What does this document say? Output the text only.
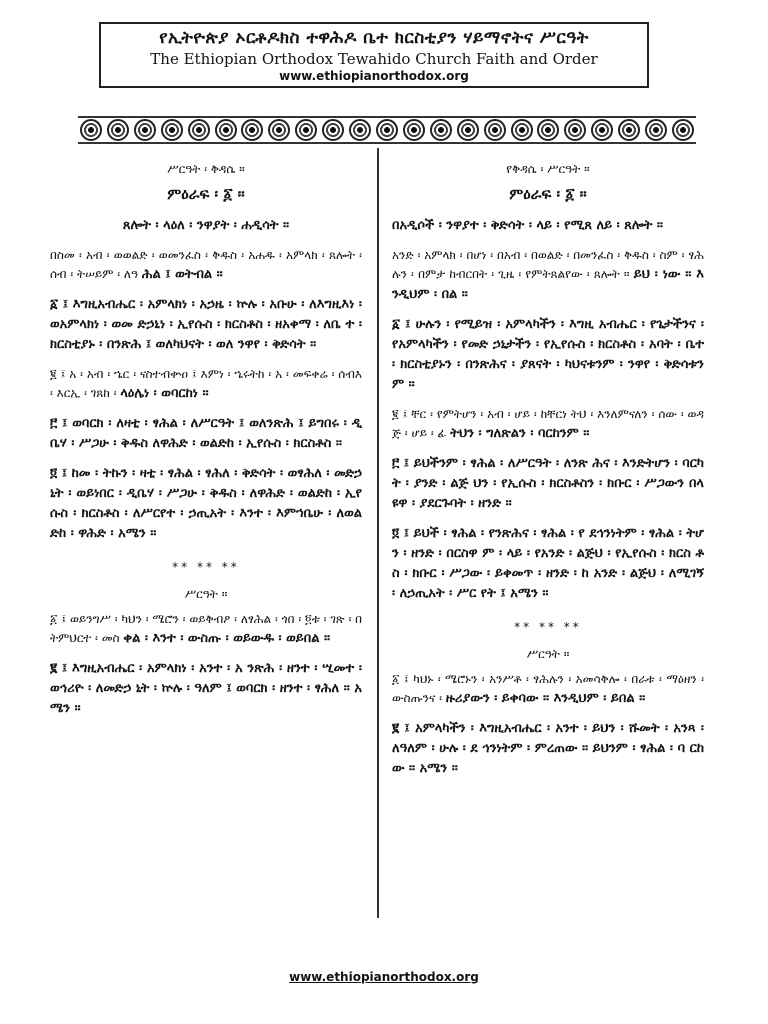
የኢትዮጵያ ኦርቶዶክስ ተዋሕዶ ቤተ ክርስቲያን ሃይማኖትና ሥርዓት
The Ethiopian Orthodox Tewahido Church Faith and Order
www.ethiopianorthodox.org

ሥርዓት ፡ ቅዳሴ ።

ምዕራፍ ፡ ፩ ።

ጸሎት ፡ ላዕለ ፡ ንዋያት ፡ ሐዲሳት ።

በስመ ፡ አብ ፡ ወወልድ ፡ ወመንፈስ ፡ ቅዱስ ፡ አሐዱ ፡ አምላክ ፡ ጸሎት ፡ ሰብ ፡ ትሠይም ፡ ለዓ ሕል ፤ ወትብል ።

፩ ፤ እግዚአብሔር ፡ አምላክነ ፡ አኃዜ ፡ ኵሉ ፡ አቡሁ ፡ ለእግዚእነ ፡ ወአምላክነ ፡ ወመ ድኃኒነ ፡ ኢየሱስ ፡ ክርስቶስ ፡ ዘአቀማ ፡ ለቤ ተ ፡ ክርስቲያኑ ፡ በንጽሕ ፤ ወለካህናት ፡ ወለ ንዋየ ፡ ቅድሳት ።

፪ ፤ አ ፡ አብ ፡ ኄር ፡ ናስተብቍዐ ፤ እምነ ፡ ኄሩትከ ፡ አ ፡ መፍቀሬ ፡ ሰብእ ፡ እርኢ ፡ ገጸከ ፡ ላዕሌነ ፡ ወባርከነ ።

፫ ፤ ወባርክ ፡ ለዛቲ ፡ ፃሕል ፡ ለሥርዓት ፤ ወለንጽሕ ፤ ይግበሩ ፡ ዲቤሃ ፡ ሥጋሁ ፡ ቅዱስ ለዋሕድ ፡ ወልድከ ፡ ኢየሱስ ፡ ክርስቶስ ።

፬ ፤ ከመ ፡ ትኩን ፡ ዛቲ ፡ ፃሕል ፡ ፃሕለ ፡ ቅድሳት ፡ ወፃሕለ ፡ መድኃኒት ፡ ወይነበር ፡ ዲቤሃ ፡ ሥጋሁ ፡ ቅዱስ ፡ ለዋሕድ ፡ ወልድከ ፡ ኢየሱስ ፡ ክርስቶስ ፡ ለሥርየተ ፡ ኃጢአት ፡ እንተ ፡ እምኀቤሁ ፡ ለወልድከ ፡ ዋሕድ ፡ አሜን ።

** ** **

ሥርዓት ።

፩ ፤ ወይንግሥ ፡ ካህን ፡ ሜሮን ፡ ወይቅብዖ ፡ ለፃሕል ፡ ጎበ ፡ ፬ቱ ፡ ገጽ ፡ በትምህርተ ፡ መስ ቀል ፡ እንተ ፡ ውስጡ ፡ ወይውዱ ፡ ወይበል ።

፪ ፤ እግዚአብሔር ፡ አምላክነ ፡ አንተ ፡ አ ንጽሕ ፡ ዘንተ ፡ ሢመተ ፡ ወኅሪዮ ፡ ለመድኃ ኒት ፡ ኵሉ ፡ ዓለም ፤ ወባርክ ፡ ዘንተ ፡ ፃሕለ ። አሜን ።

የቅዳሴ ፡ ሥርዓት ።

ምዕራፍ ፡ ፩ ።

በአዲሶች ፡ ንዋያተ ፡ ቅድሳት ፡ ላይ ፡ የሚጸ ለይ ፡ ጸሎት ።

አንድ ፡ አምላክ ፡ በሆነ ፡ በአብ ፡ በወልድ ፡ በመንፈስ ፡ ቅዱስ ፡ ስም ፡ ፃሕሉን ፡ በምታ ከብርበት ፡ ጊዜ ፡ የምትጸልየው ፡ ጸሎት ። ይህ ፡ ነው ። እንዲህም ፡ በል ።

፩ ፤ ሁሉን ፡ የሚይዝ ፡ አምላካችን ፡ እግዚ አብሔር ፡ የጌታችንና ፡ የአምላካችን ፡ የመድ ኃኒታችን ፡ የኢየሱስ ፡ ክርስቶስ ፡ አባት ፡ ቤተ ፡ ክርስቲያኑን ፡ በንጽሕና ፡ ያጸናት ፡ ካህናቱንም ፡ ንዋየ ፡ ቅድሳቱንም ።

፪ ፤ ቸር ፡ የምትሆን ፡ አብ ፡ ሆይ ፡ ከቸርነ ትህ ፡ እንለምናለን ፡ ሰው ፡ ወዳጅ ፡ ሆይ ፡ ፊ ትህን ፡ ግለጽልን ፡ ባርከንም ።

፫ ፤ ይህችንም ፡ ፃሕል ፡ ለሥርዓት ፡ ለንጽ ሕና ፡ እንድትሆን ፡ ባርካት ፡ ያንድ ፡ ልጅ ህን ፡ የኢሱስ ፡ ክርስቶስን ፡ ክቡር ፡ ሥጋውን በላዩዋ ፡ ያደርጉባት ፡ ዘንድ ።

፬ ፤ ይህች ፡ ፃሕል ፡ የንጽሕና ፡ ፃሕል ፡ የ ደኅንነትም ፡ ፃሕል ፡ ትሆን ፡ ዘንድ ፡ በርስዋ ም ፡ ላይ ፡ የአንድ ፡ ልጅህ ፡ የኢየሱስ ፡ ክርስ ቶስ ፡ ክቡር ፡ ሥጋው ፡ ይቀመጥ ፡ ዘንድ ፡ ከ አንድ ፡ ልጅህ ፡ ለሚገኝ ፡ ለኃጢአት ፡ ሥር የት ፤ አሜን ።

** ** **

ሥርዓት ።

፩ ፤ ካህኑ ፡ ሜሮኑን ፡ አንሥቶ ፡ ፃሕሉን ፡ አመሳቅሎ ፡ በራቱ ፡ ማዕዘን ፡ ውስጡንና ፡ ዙሪያውን ፡ ይቀባው ። እንዲህም ፡ ይበል ።

፪ ፤ አምላካችን ፡ እግዚአብሔር ፡ አንተ ፡ ይህን ፡ ሹመት ፡ አንጻ ፡ ለዓለም ፡ ሁሉ ፡ ደ ኅንነትም ፡ ምረጠው ። ይህንም ፡ ፃሕል ፡ ባ ርከው ። አሜን ።

www.ethiopianorthodox.org
